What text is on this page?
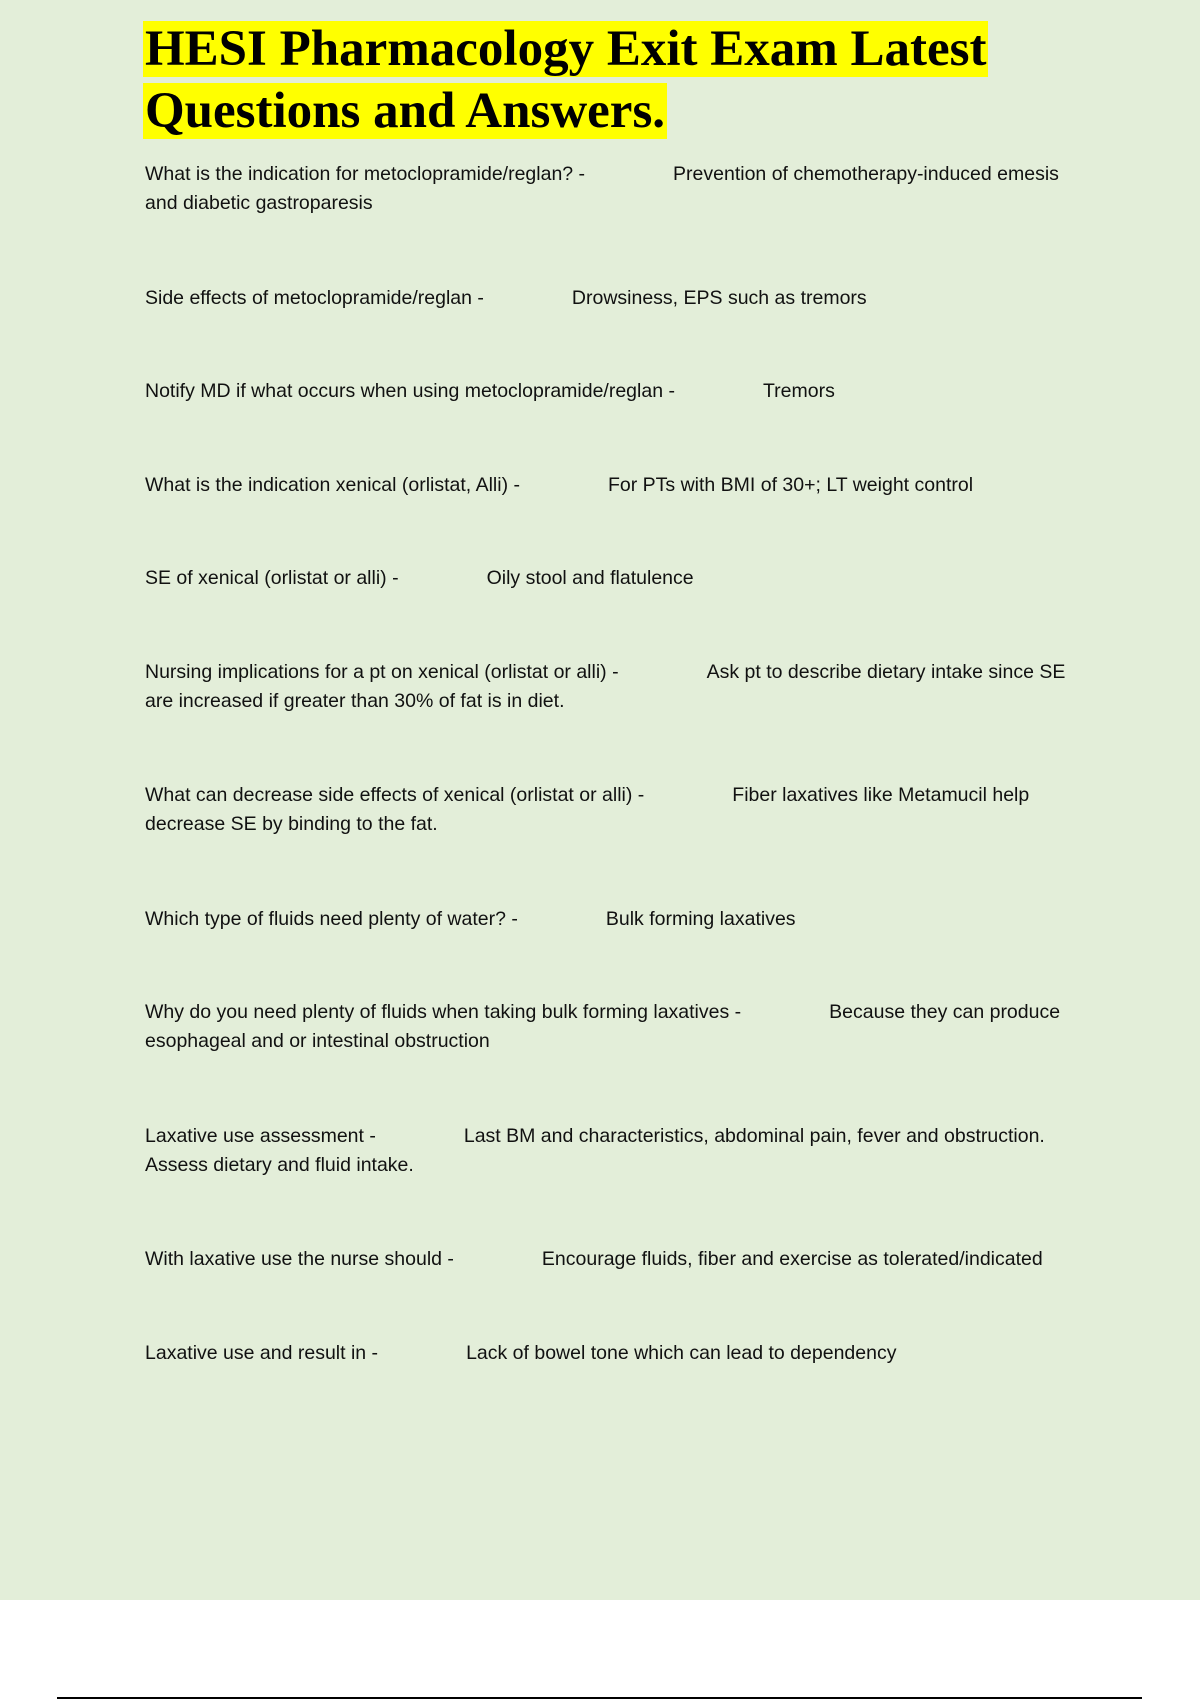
HESI Pharmacology Exit Exam Latest Questions and Answers.

What is the indication for metoclopramide/reglan? -	Prevention of chemotherapy-induced emesis and diabetic gastroparesis

Side effects of metoclopramide/reglan -	Drowsiness, EPS such as tremors

Notify MD if what occurs when using metoclopramide/reglan -	Tremors

What is the indication xenical (orlistat, Alli) -	For PTs with BMI of 30+; LT weight control

SE of xenical (orlistat or alli) -	Oily stool and flatulence

Nursing implications for a pt on xenical (orlistat or alli) -	Ask pt to describe dietary intake since SE are increased if greater than 30% of fat is in diet.

What can decrease side effects of xenical (orlistat or alli) -	Fiber laxatives like Metamucil help decrease SE by binding to the fat.

Which type of fluids need plenty of water? -	Bulk forming laxatives

Why do you need plenty of fluids when taking bulk forming laxatives -	Because they can produce esophageal and or intestinal obstruction

Laxative use assessment -	Last BM and characteristics, abdominal pain, fever and obstruction. Assess dietary and fluid intake.

With laxative use the nurse should -	Encourage fluids, fiber and exercise as tolerated/indicated

Laxative use and result in -	Lack of bowel tone which can lead to dependency
